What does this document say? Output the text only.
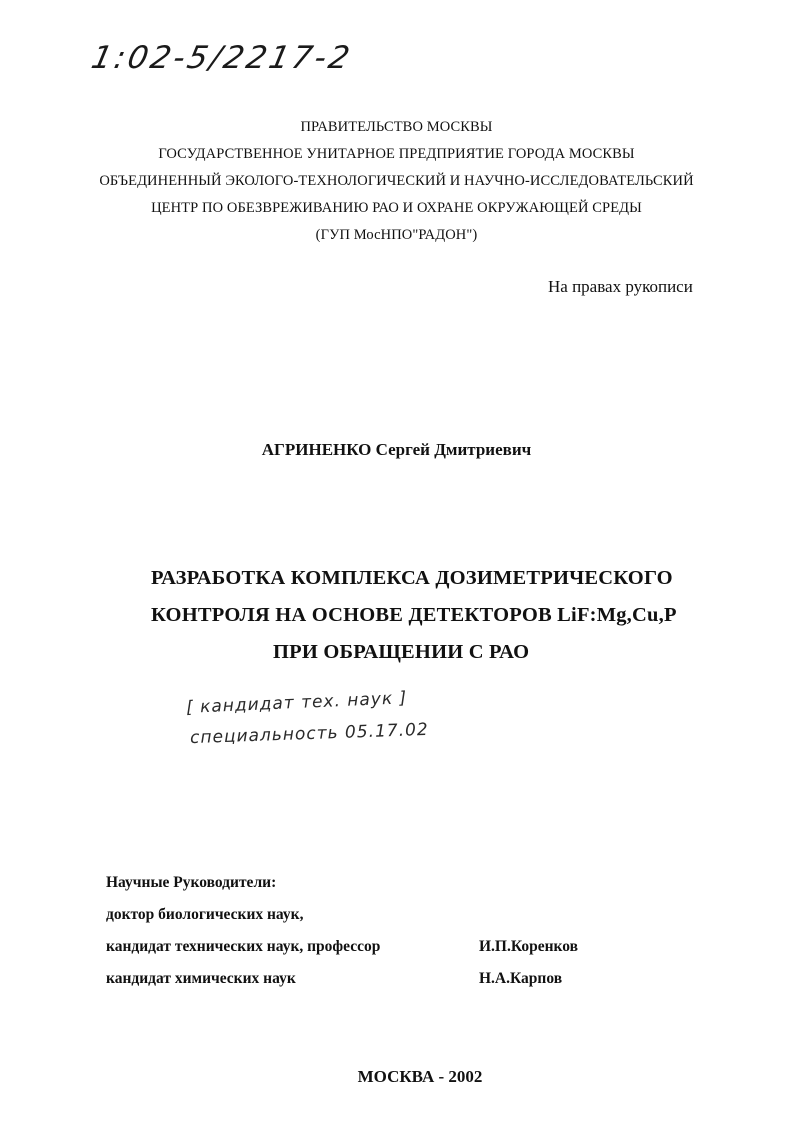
1:02-5/2217-2
ПРАВИТЕЛЬСТВО МОСКВЫ
ГОСУДАРСТВЕННОЕ УНИТАРНОЕ ПРЕДПРИЯТИЕ ГОРОДА МОСКВЫ
ОБЪЕДИНЕННЫЙ ЭКОЛОГО-ТЕХНОЛОГИЧЕСКИЙ И НАУЧНО-ИССЛЕДОВАТЕЛЬСКИЙ
ЦЕНТР ПО ОБЕЗВРЕЖИВАНИЮ РАО И ОХРАНЕ ОКРУЖАЮЩЕЙ СРЕДЫ
(ГУП МосНПО"РАДОН")
На правах рукописи
АГРИНЕНКО Сергей Дмитриевич
РАЗРАБОТКА КОМПЛЕКСА ДОЗИМЕТРИЧЕСКОГО
КОНТРОЛЯ НА ОСНОВЕ ДЕТЕКТОРОВ LiF:Mg,Cu,P
ПРИ ОБРАЩЕНИИ С РАО
[ кандидат тех. наук ]
специальность 05.17.02
Научные Руководители:
доктор биологических наук,
кандидат технических наук, профессор	И.П.Коренков
кандидат химических наук	Н.А.Карпов
МОСКВА - 2002
